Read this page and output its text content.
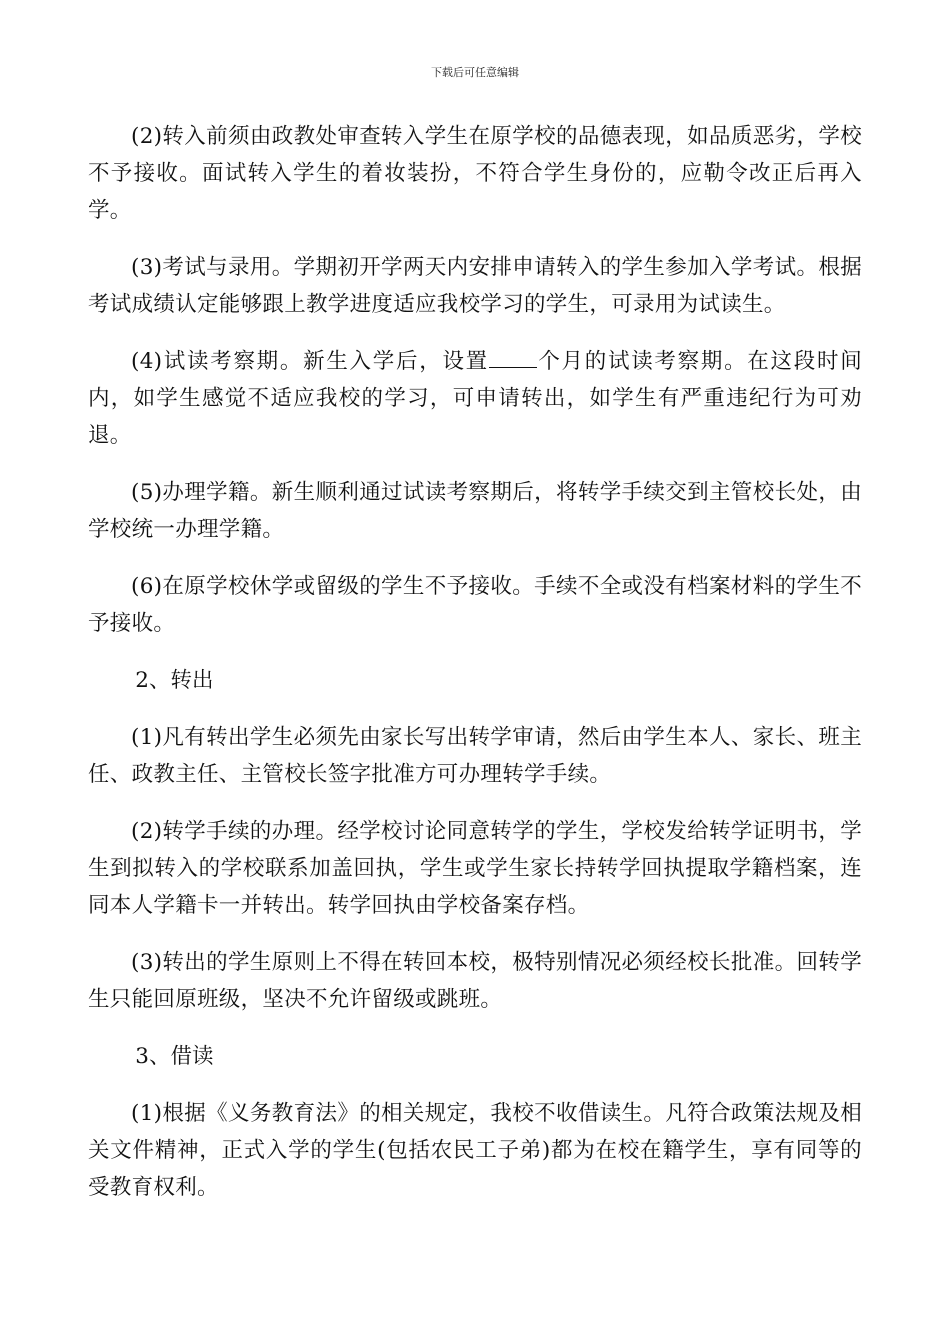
下载后可任意编辑

(2)转入前须由政教处审查转入学生在原学校的品德表现，如品质恶劣，学校不予接收。面试转入学生的着妆装扮，不符合学生身份的，应勒令改正后再入学。

(3)考试与录用。学期初开学两天内安排申请转入的学生参加入学考试。根据考试成绩认定能够跟上教学进度适应我校学习的学生，可录用为试读生。

(4)试读考察期。新生入学后，设置 个月的试读考察期。在这段时间内，如学生感觉不适应我校的学习，可申请转出，如学生有严重违纪行为可劝退。

(5)办理学籍。新生顺利通过试读考察期后，将转学手续交到主管校长处，由学校统一办理学籍。

(6)在原学校休学或留级的学生不予接收。手续不全或没有档案材料的学生不予接收。

2、转出

(1)凡有转出学生必须先由家长写出转学审请，然后由学生本人、家长、班主任、政教主任、主管校长签字批准方可办理转学手续。

(2)转学手续的办理。经学校讨论同意转学的学生，学校发给转学证明书，学生到拟转入的学校联系加盖回执，学生或学生家长持转学回执提取学籍档案，连同本人学籍卡一并转出。转学回执由学校备案存档。

(3)转出的学生原则上不得在转回本校，极特别情况必须经校长批准。回转学生只能回原班级，坚决不允许留级或跳班。

3、借读

(1)根据《义务教育法》的相关规定，我校不收借读生。凡符合政策法规及相关文件精神，正式入学的学生(包括农民工子弟)都为在校在籍学生，享有同等的受教育权利。
